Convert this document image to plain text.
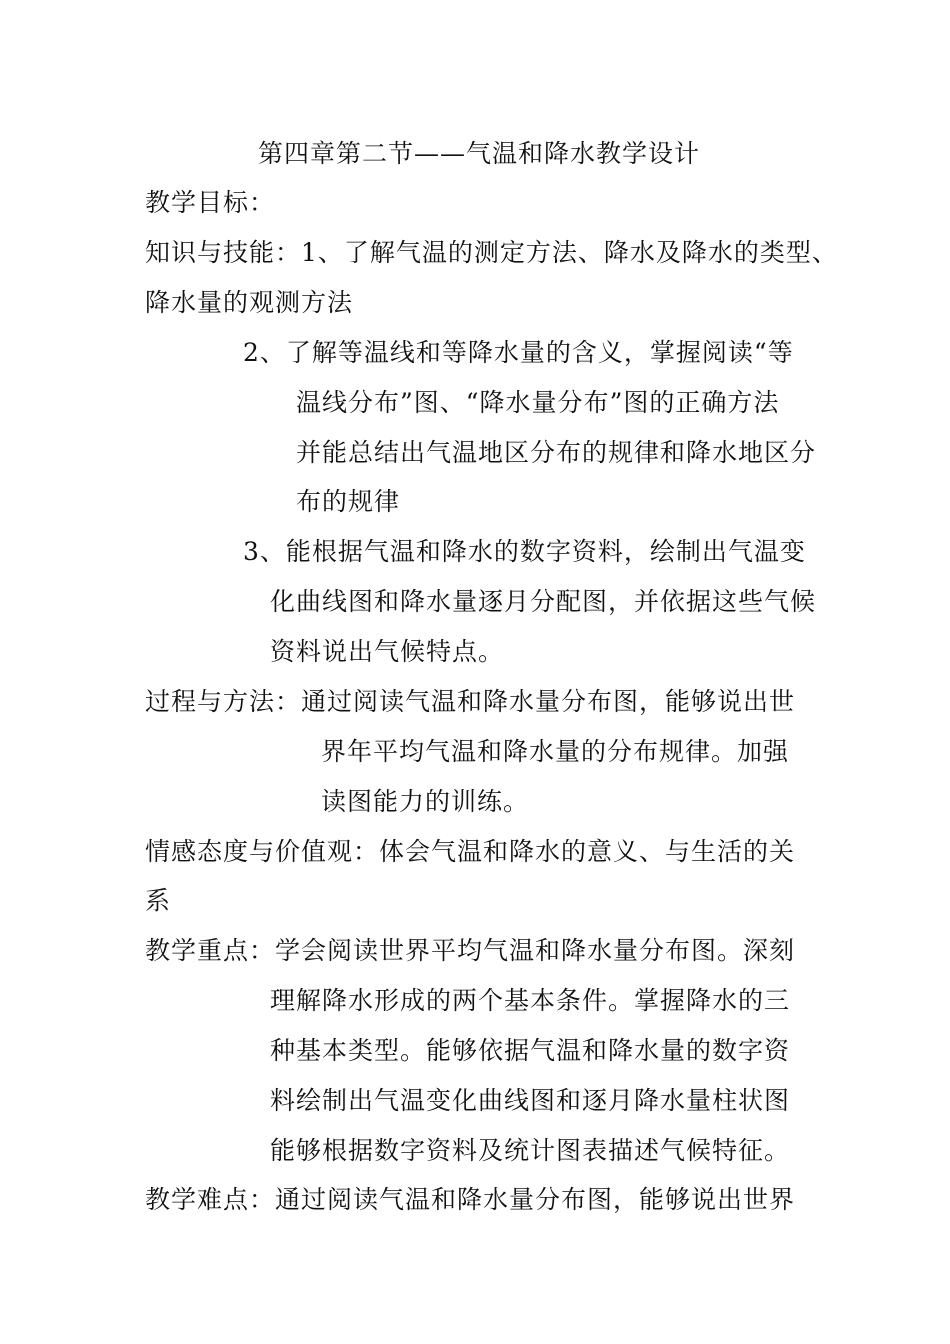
第四章第二节——气温和降水教学设计
教学目标：
知识与技能：1、了解气温的测定方法、降水及降水的类型、
降水量的观测方法
2、了解等温线和等降水量的含义，掌握阅读“等
温线分布”图、“降水量分布”图的正确方法
并能总结出气温地区分布的规律和降水地区分
布的规律
3、能根据气温和降水的数字资料，绘制出气温变
化曲线图和降水量逐月分配图，并依据这些气候
资料说出气候特点。
过程与方法：通过阅读气温和降水量分布图，能够说出世
界年平均气温和降水量的分布规律。加强
读图能力的训练。
情感态度与价值观：体会气温和降水的意义、与生活的关
系
教学重点：学会阅读世界平均气温和降水量分布图。深刻
理解降水形成的两个基本条件。掌握降水的三
种基本类型。能够依据气温和降水量的数字资
料绘制出气温变化曲线图和逐月降水量柱状图
能够根据数字资料及统计图表描述气候特征。
教学难点：通过阅读气温和降水量分布图，能够说出世界
